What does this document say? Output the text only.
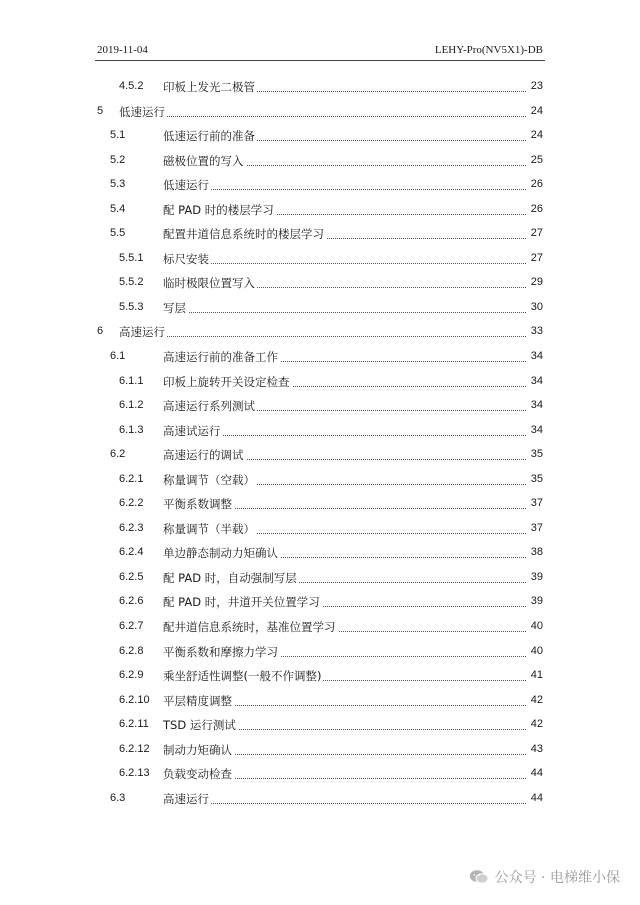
2019-11-04	LEHY-Pro(NV5X1)-DB
4.5.2 印板上发光二极管	23
5 低速运行	24
5.1	低速运行前的准备	24
5.2	磁极位置的写入	25
5.3	低速运行	26
5.4	配 PAD 时的楼层学习	26
5.5	配置井道信息系统时的楼层学习	27
5.5.1 标尺安装	27
5.5.2 临时极限位置写入	29
5.5.3 写层	30
6 高速运行	33
6.1	高速运行前的准备工作	34
6.1.1 印板上旋转开关设定检查	34
6.1.2 高速运行系列测试	34
6.1.3 高速试运行	34
6.2	高速运行的调试	35
6.2.1 称量调节（空载）	35
6.2.2 平衡系数调整	37
6.2.3 称量调节（半载）	37
6.2.4 单边静态制动力矩确认	38
6.2.5 配 PAD 时，自动强制写层	39
6.2.6 配 PAD 时，井道开关位置学习	39
6.2.7 配井道信息系统时，基准位置学习	40
6.2.8 平衡系数和摩擦力学习	40
6.2.9 乘坐舒适性调整(一般不作调整)	41
6.2.10 平层精度调整	42
6.2.11 TSD 运行测试	42
6.2.12 制动力矩确认	43
6.2.13 负载变动检查	44
6.3	高速运行	44
公众号 · 电梯维小保
